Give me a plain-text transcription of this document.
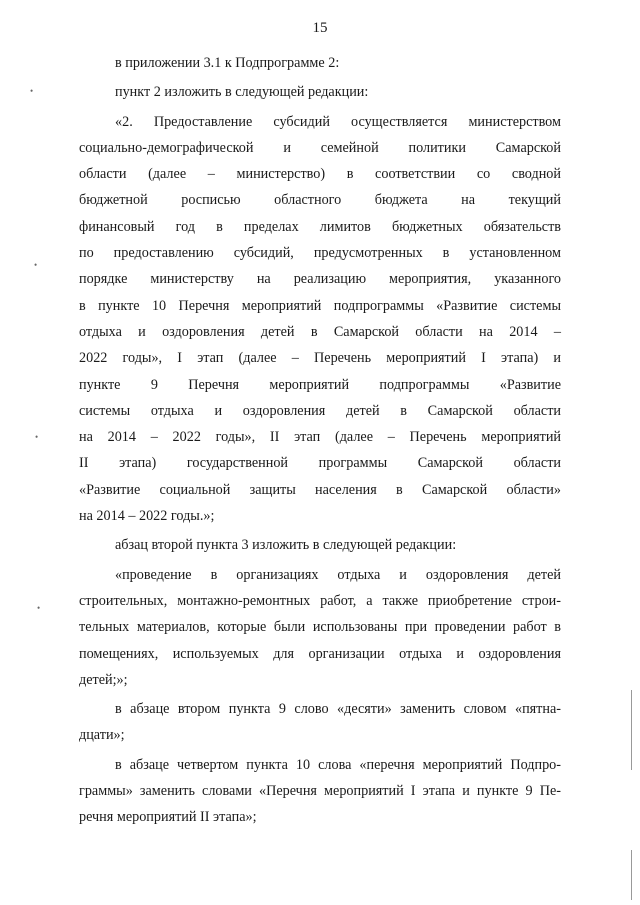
15
в приложении 3.1 к Подпрограмме 2:
пункт 2 изложить в следующей редакции:
«2. Предоставление субсидий осуществляется министерством
социально-демографической и семейной политики Самарской
области (далее – министерство) в соответствии со сводной
бюджетной росписью областного бюджета на текущий
финансовый год в пределах лимитов бюджетных обязательств
по предоставлению субсидий, предусмотренных в установленном
порядке министерству на реализацию мероприятия, указанного
в пункте 10 Перечня мероприятий подпрограммы «Развитие системы
отдыха и оздоровления детей в Самарской области на 2014 –
2022 годы», I этап (далее – Перечень мероприятий I этапа) и
пункте 9 Перечня мероприятий подпрограммы «Развитие
системы отдыха и оздоровления детей в Самарской области
на 2014 – 2022 годы», II этап (далее – Перечень мероприятий
II этапа) государственной программы Самарской области
«Развитие социальной защиты населения в Самарской области»
на 2014 – 2022 годы.»;
абзац второй пункта 3 изложить в следующей редакции:
«проведение в организациях отдыха и оздоровления детей
строительных, монтажно-ремонтных работ, а также приобретение строи-
тельных материалов, которые были использованы при проведении работ в
помещениях, используемых для организации отдыха и оздоровления
детей;»;
в абзаце втором пункта 9 слово «десяти» заменить словом «пятна-
дцати»;
в абзаце четвертом пункта 10 слова «перечня мероприятий Подпро-
граммы» заменить словами «Перечня мероприятий I этапа и пункте 9 Пе-
речня мероприятий II этапа»;
•
•
•
•
